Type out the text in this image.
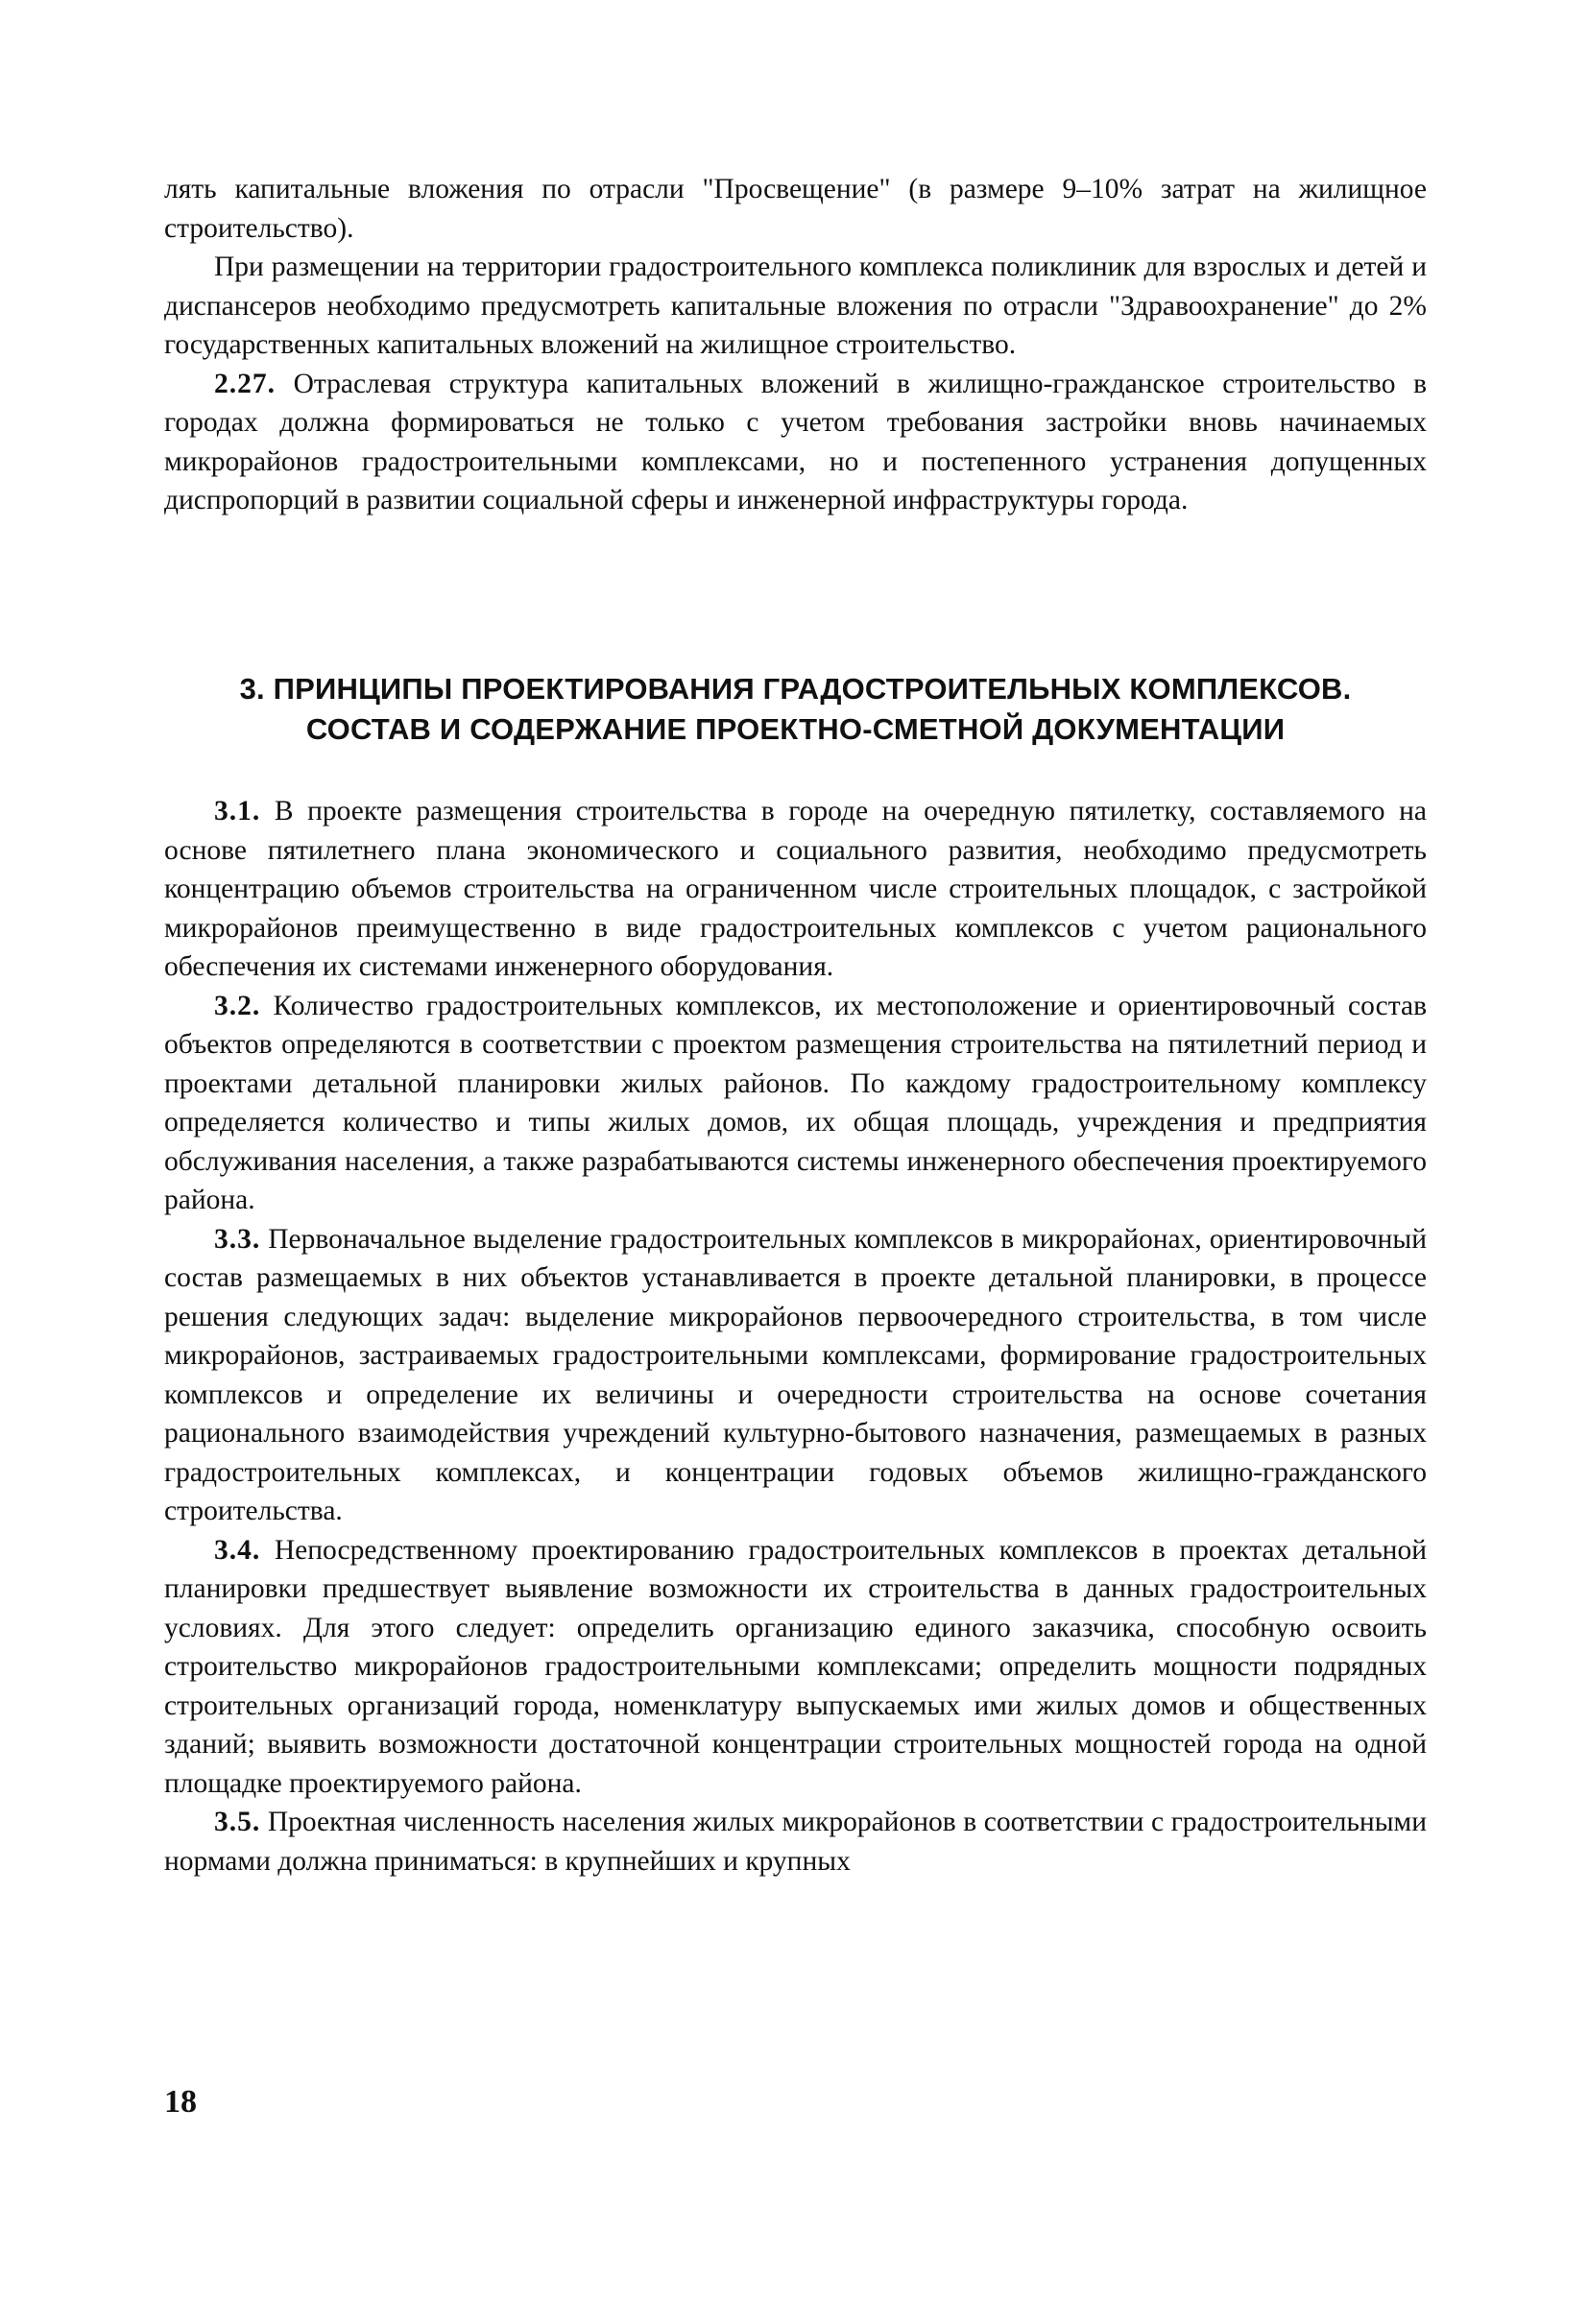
лять капитальные вложения по отрасли "Просвещение" (в размере 9–10% затрат на жилищное строительство).

При размещении на территории градостроительного комплекса поликлиник для взрослых и детей и диспансеров необходимо предусмотреть капитальные вложения по отрасли "Здравоохранение" до 2% государственных капитальных вложений на жилищное строительство.

2.27. Отраслевая структура капитальных вложений в жилищно-гражданское строительство в городах должна формироваться не только с учетом требования застройки вновь начинаемых микрорайонов градостроительными комплексами, но и постепенного устранения допущенных диспропорций в развитии социальной сферы и инженерной инфраструктуры города.

3. ПРИНЦИПЫ ПРОЕКТИРОВАНИЯ ГРАДОСТРОИТЕЛЬНЫХ КОМПЛЕКСОВ.
СОСТАВ И СОДЕРЖАНИЕ ПРОЕКТНО-СМЕТНОЙ ДОКУМЕНТАЦИИ

3.1. В проекте размещения строительства в городе на очередную пятилетку, составляемого на основе пятилетнего плана экономического и социального развития, необходимо предусмотреть концентрацию объемов строительства на ограниченном числе строительных площадок, с застройкой микрорайонов преимущественно в виде градостроительных комплексов с учетом рационального обеспечения их системами инженерного оборудования.

3.2. Количество градостроительных комплексов, их местоположение и ориентировочный состав объектов определяются в соответствии с проектом размещения строительства на пятилетний период и проектами детальной планировки жилых районов. По каждому градостроительному комплексу определяется количество и типы жилых домов, их общая площадь, учреждения и предприятия обслуживания населения, а также разрабатываются системы инженерного обеспечения проектируемого района.

3.3. Первоначальное выделение градостроительных комплексов в микрорайонах, ориентировочный состав размещаемых в них объектов устанавливается в проекте детальной планировки, в процессе решения следующих задач: выделение микрорайонов первоочередного строительства, в том числе микрорайонов, застраиваемых градостроительными комплексами, формирование градостроительных комплексов и определение их величины и очередности строительства на основе сочетания рационального взаимодействия учреждений культурно-бытового назначения, размещаемых в разных градостроительных комплексах, и концентрации годовых объемов жилищно-гражданского строительства.

3.4. Непосредственному проектированию градостроительных комплексов в проектах детальной планировки предшествует выявление возможности их строительства в данных градостроительных условиях. Для этого следует: определить организацию единого заказчика, способную освоить строительство микрорайонов градостроительными комплексами; определить мощности подрядных строительных организаций города, номенклатуру выпускаемых ими жилых домов и общественных зданий; выявить возможности достаточной концентрации строительных мощностей города на одной площадке проектируемого района.

3.5. Проектная численность населения жилых микрорайонов в соответствии с градостроительными нормами должна приниматься: в крупнейших и крупных

18
